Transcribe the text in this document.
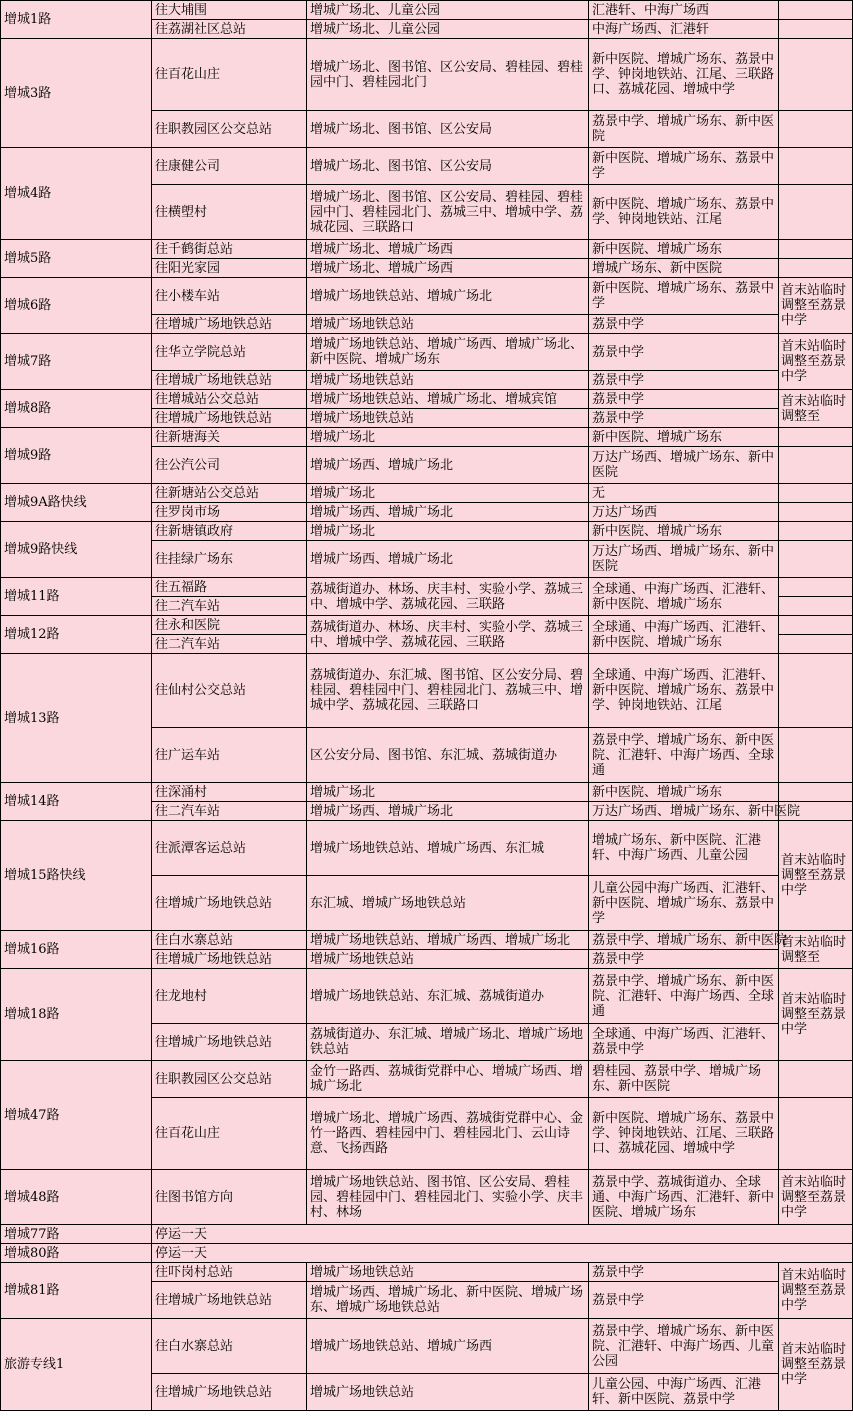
增城1路	往大埔围	增城广场北、儿童公园	汇港轩、中海广场西	
	往荔湖社区总站	增城广场北、儿童公园	中海广场西、汇港轩	
增城3路	往百花山庄	增城广场北、图书馆、区公安局、碧桂园、碧桂园中门、碧桂园北门	新中医院、增城广场东、荔景中学、钟岗地铁站、江尾、三联路口、荔城花园、增城中学	
	往职教园区公交总站	增城广场北、图书馆、区公安局	荔景中学、增城广场东、新中医院	
增城4路	往康健公司	增城广场北、图书馆、区公安局	新中医院、增城广场东、荔景中学	
	往横塱村	增城广场北、图书馆、区公安局、碧桂园、碧桂园中门、碧桂园北门、荔城三中、增城中学、荔城花园、三联路口	新中医院、增城广场东、荔景中学、钟岗地铁站、江尾	
增城5路	往千鹤街总站	增城广场北、增城广场西	新中医院、增城广场东	
	往阳光家园	增城广场北、增城广场西	增城广场东、新中医院	
增城6路	往小楼车站	增城广场地铁总站、增城广场北	新中医院、增城广场东、荔景中学	首末站临时调整至荔景中学
	往增城广场地铁总站	增城广场地铁总站	荔景中学	
增城7路	往华立学院总站	增城广场地铁总站、增城广场西、增城广场北、新中医院、增城广场东	荔景中学	首末站临时调整至荔景中学
	往增城广场地铁总站	增城广场地铁总站	荔景中学	
增城8路	往增城站公交总站	增城广场地铁总站、增城广场北、增城宾馆	荔景中学	首末站临时调整至
	往增城广场地铁总站	增城广场地铁总站	荔景中学	
增城9路	往新塘海关	增城广场北	新中医院、增城广场东	
	往公汽公司	增城广场西、增城广场北	万达广场西、增城广场东、新中医院	
增城9A路快线	往新塘站公交总站	增城广场北	无	
	往罗岗市场	增城广场西、增城广场北	万达广场西	
增城9路快线	往新塘镇政府	增城广场北	新中医院、增城广场东	
	往挂绿广场东	增城广场西、增城广场北	万达广场西、增城广场东、新中医院	
增城11路	往五福路	荔城街道办、林场、庆丰村、实验小学、荔城三中、增城中学、荔城花园、三联路	全球通、中海广场西、汇港轩、新中医院、增城广场东	
	往二汽车站			
增城12路	往永和医院	荔城街道办、林场、庆丰村、实验小学、荔城三中、增城中学、荔城花园、三联路	全球通、中海广场西、汇港轩、新中医院、增城广场东	
	往二汽车站			
增城13路	往仙村公交总站	荔城街道办、东汇城、图书馆、区公安分局、碧桂园、碧桂园中门、碧桂园北门、荔城三中、增城中学、荔城花园、三联路口	全球通、中海广场西、汇港轩、新中医院、增城广场东、荔景中学、钟岗地铁站、江尾	
	往广运车站	区公安分局、图书馆、东汇城、荔城街道办	荔景中学、增城广场东、新中医院、汇港轩、中海广场西、全球通	
增城14路	往深涌村	增城广场北	新中医院、增城广场东	
	往二汽车站	增城广场西、增城广场北	万达广场西、增城广场东、新中医院	
增城15路快线	往派潭客运总站	增城广场地铁总站、增城广场西、东汇城	增城广场东、新中医院、汇港轩、中海广场西、儿童公园	首末站临时调整至荔景中学
	往增城广场地铁总站	东汇城、增城广场地铁总站	儿童公园中海广场西、汇港轩、新中医院、增城广场东、荔景中学	
增城16路	往白水寨总站	增城广场地铁总站、增城广场西、增城广场北	荔景中学、增城广场东、新中医院	首末站临时调整至
	往增城广场地铁总站	增城广场地铁总站	荔景中学	
增城18路	往龙地村	增城广场地铁总站、东汇城、荔城街道办	荔景中学、增城广场东、新中医院、汇港轩、中海广场西、全球通	首末站临时调整至荔景中学
	往增城广场地铁总站	荔城街道办、东汇城、增城广场北、增城广场地铁总站	全球通、中海广场西、汇港轩、荔景中学	
增城47路	往职教园区公交总站	金竹一路西、荔城街党群中心、增城广场西、增城广场北	碧桂园、荔景中学、增城广场东、新中医院	
	往百花山庄	增城广场北、增城广场西、荔城街党群中心、金竹一路西、碧桂园中门、碧桂园北门、云山诗意、飞扬西路	新中医院、增城广场东、荔景中学、钟岗地铁站、江尾、三联路口、荔城花园、增城中学	
增城48路	往图书馆方向	增城广场地铁总站、图书馆、区公安局、碧桂园、碧桂园中门、碧桂园北门、实验小学、庆丰村、林场	荔景中学、荔城街道办、全球通、中海广场西、汇港轩、新中医院、增城广场东	首末站临时调整至荔景中学
增城77路	停运一天			
增城80路	停运一天			
增城81路	往吓岗村总站	增城广场地铁总站	荔景中学	首末站临时调整至荔景中学
	往增城广场地铁总站	增城广场西、增城广场北、新中医院、增城广场东、增城广场地铁总站	荔景中学	
旅游专线1	往白水寨总站	增城广场地铁总站、增城广场西	荔景中学、增城广场东、新中医院、汇港轩、中海广场西、儿童公园	首末站临时调整至荔景中学
	往增城广场地铁总站	增城广场地铁总站	儿童公园、中海广场西、汇港轩、新中医院、荔景中学	
